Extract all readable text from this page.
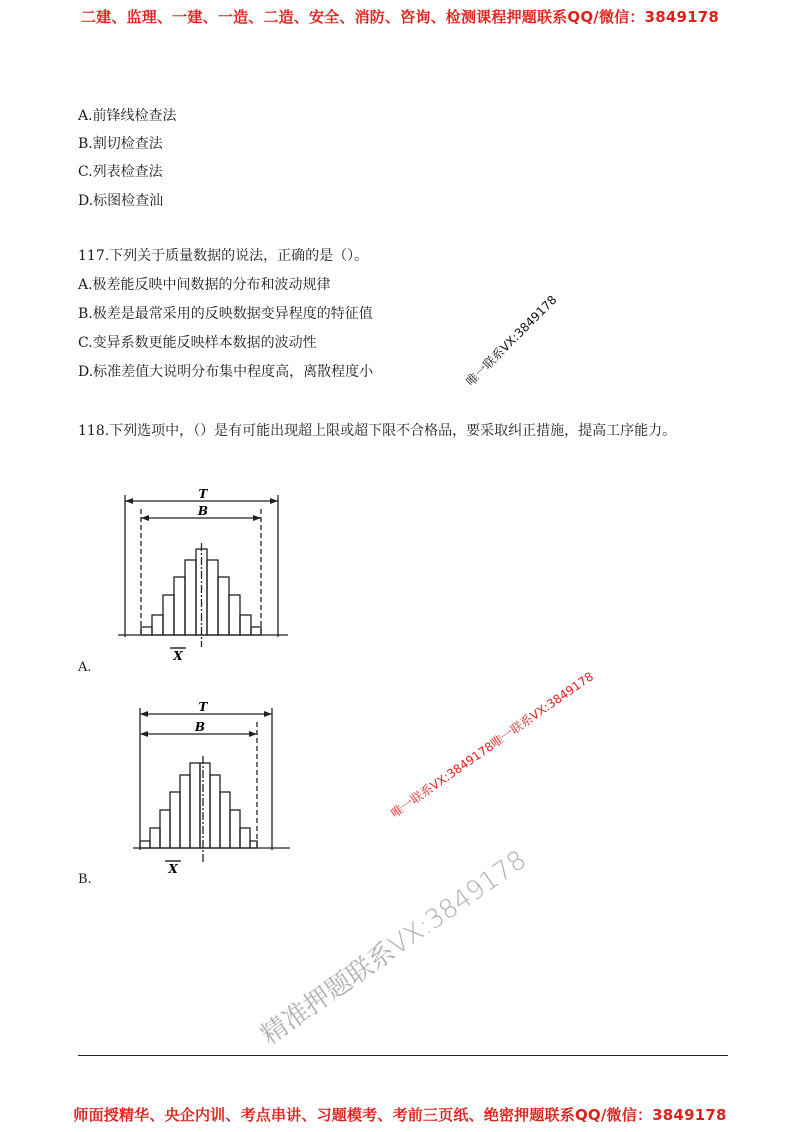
二建、监理、一建、一造、二造、安全、消防、咨询、检测课程押题联系QQ/微信：3849178
A.前锋线检查法
B.割切检查法
C.列表检查法
D.标图检查汕
117.下列关于质量数据的说法，正确的是（）。
A.极差能反映中间数据的分布和波动规律
B.极差是最常采用的反映数据变异程度的特征值
C.变异系数更能反映样本数据的波动性
D.标准差值大说明分布集中程度高，离散程度小
118.下列选项中，（）是有可能出现超上限或超下限不合格品，要采取纠正措施，提高工序能力。
T
B
X
A.
T
B
X
B.
唯一联系VX:3849178
唯一联系VX:3849178唯一联系VX:3849178
精准押题联系VX:3849178
师面授精华、央企内训、考点串讲、习题模考、考前三页纸、绝密押题联系QQ/微信：3849178
